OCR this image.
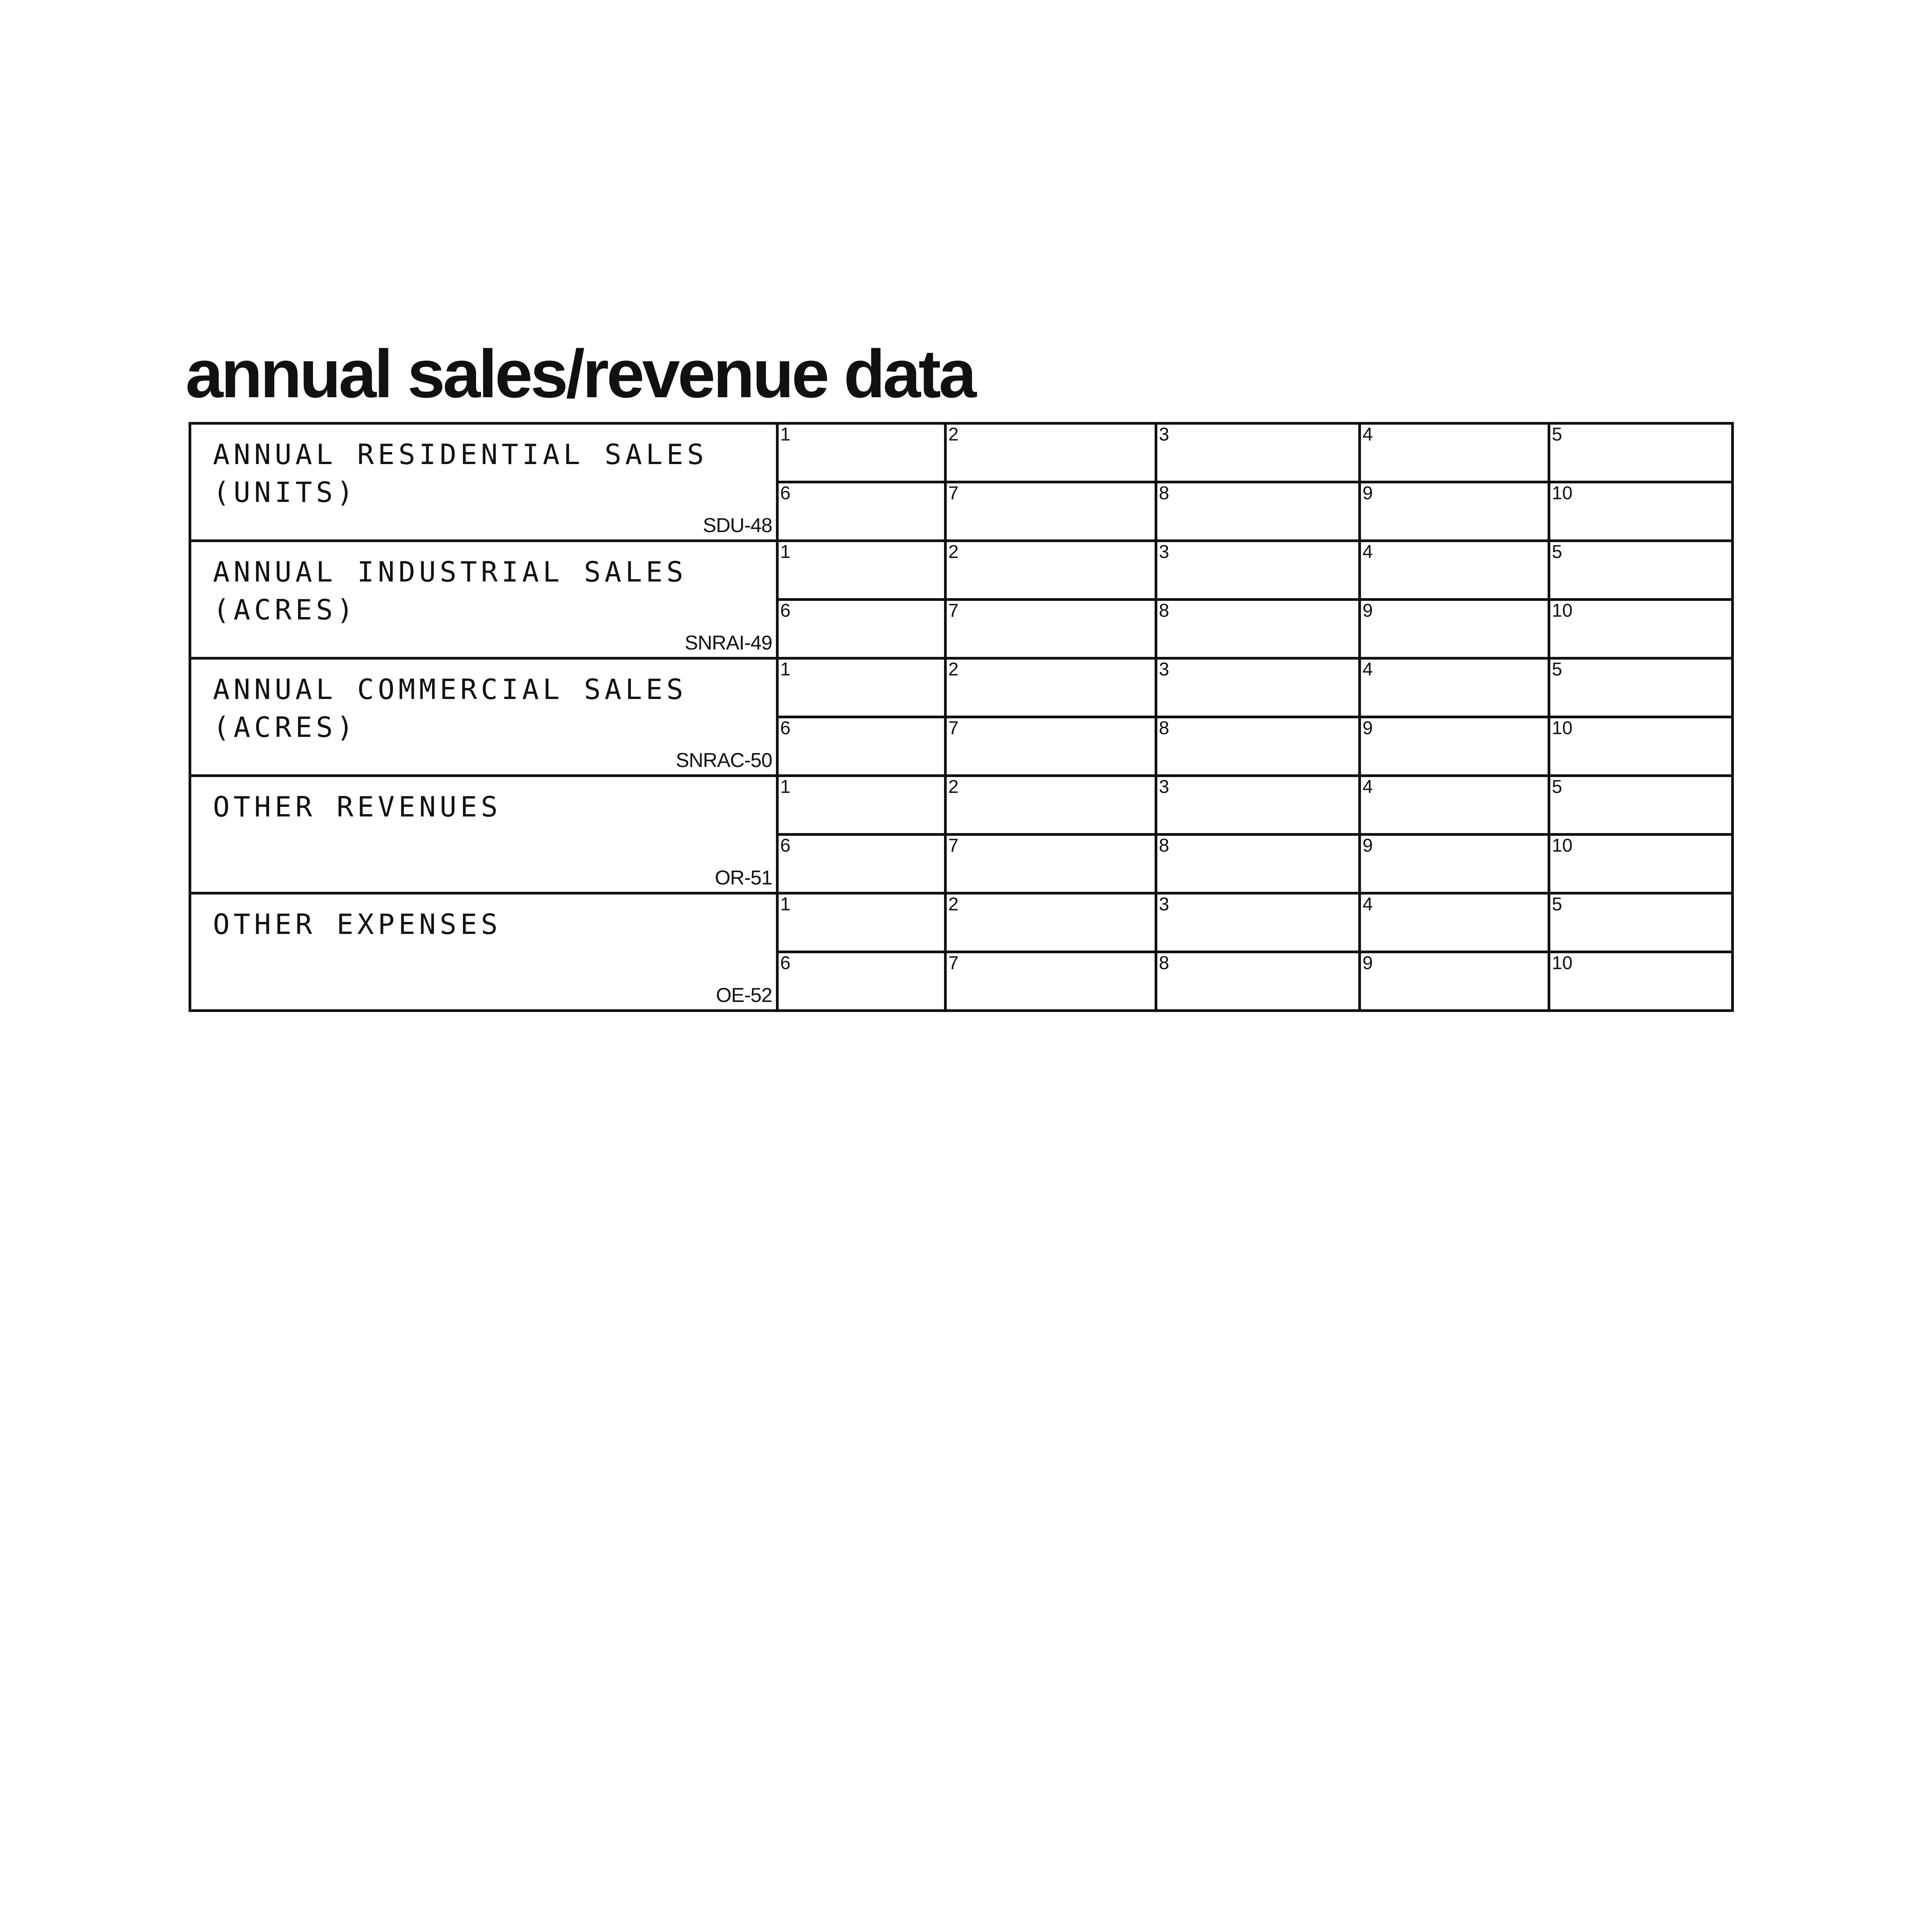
annual sales/revenue data
ANNUAL RESIDENTIAL SALES
(UNITS)
SDU-48	1	2	3	4	5

	6	7	8	9	10

ANNUAL INDUSTRIAL SALES
(ACRES)
SNRAI-49	1	2	3	4	5

	6	7	8	9	10

ANNUAL COMMERCIAL SALES
(ACRES)
SNRAC-50	1	2	3	4	5

	6	7	8	9	10

OTHER REVENUES
OR-51	1	2	3	4	5

	6	7	8	9	10

OTHER EXPENSES
OE-52	1	2	3	4	5

	6	7	8	9	10
